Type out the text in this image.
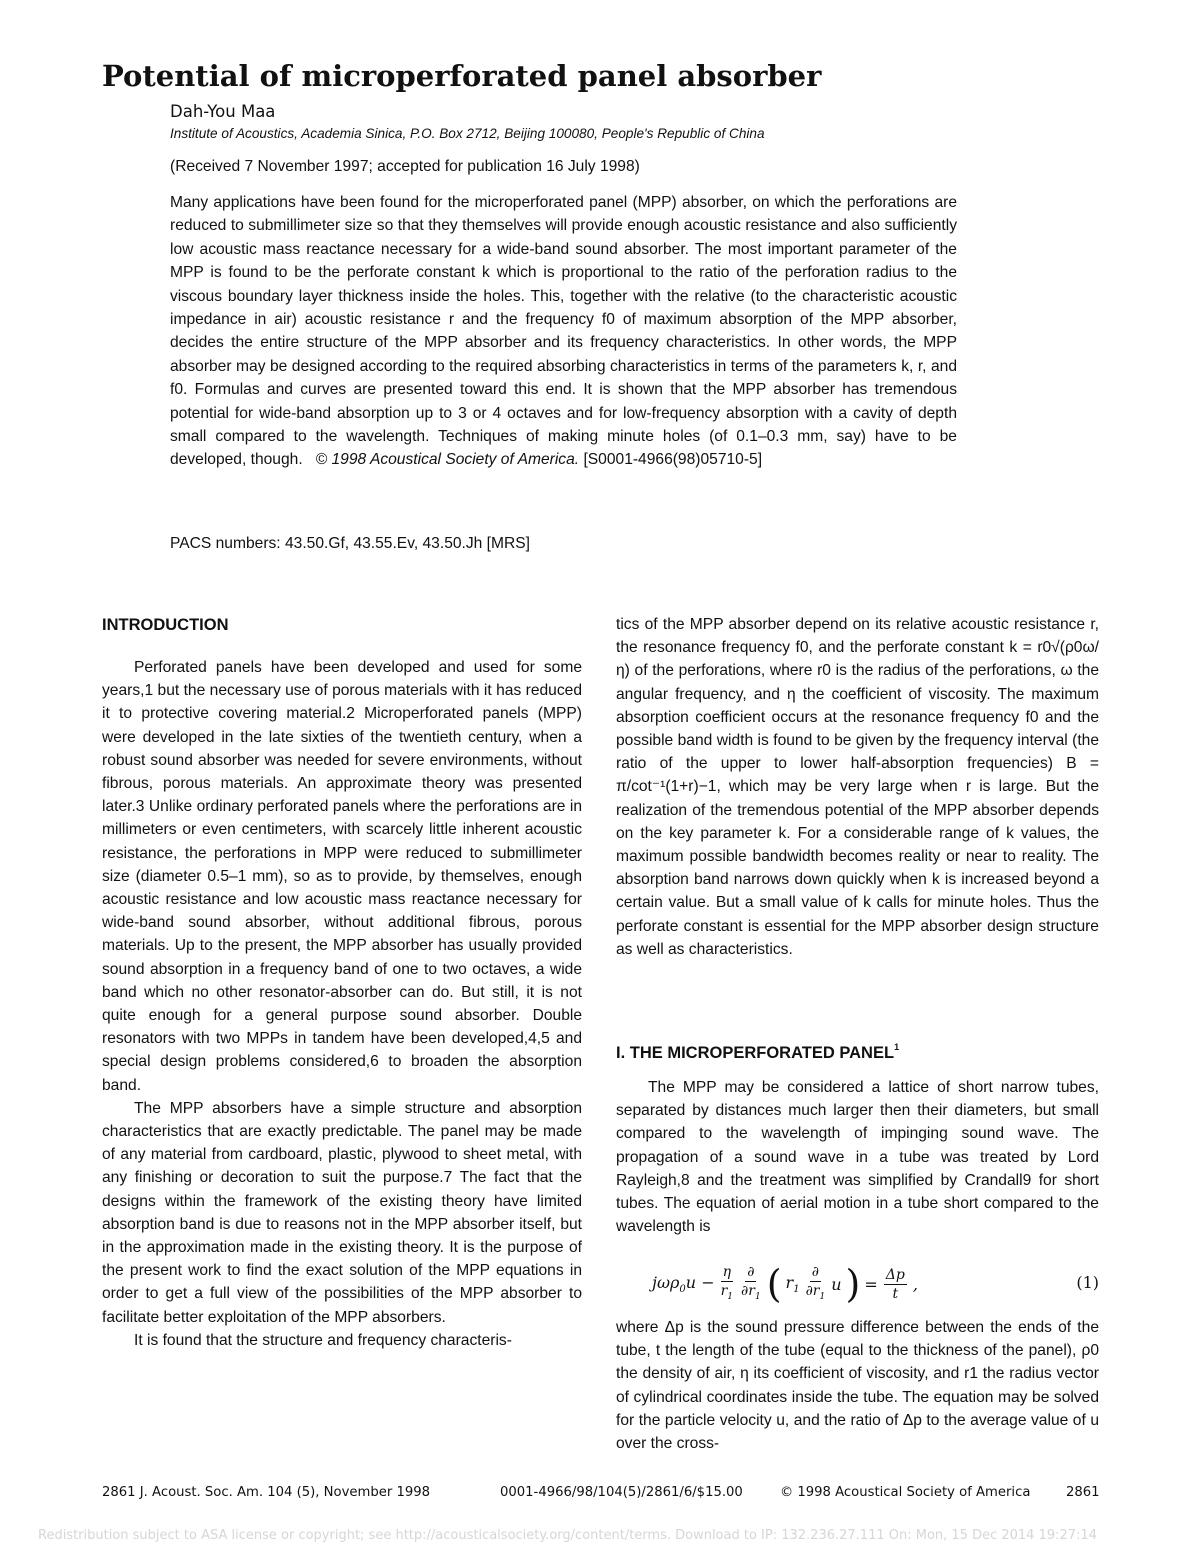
Potential of microperforated panel absorber
Dah-You Maa
Institute of Acoustics, Academia Sinica, P.O. Box 2712, Beijing 100080, People's Republic of China
(Received 7 November 1997; accepted for publication 16 July 1998)

Many applications have been found for the microperforated panel (MPP) absorber, on which the perforations are reduced to submillimeter size so that they themselves will provide enough acoustic resistance and also sufficiently low acoustic mass reactance necessary for a wide-band sound absorber. The most important parameter of the MPP is found to be the perforate constant k which is proportional to the ratio of the perforation radius to the viscous boundary layer thickness inside the holes. This, together with the relative (to the characteristic acoustic impedance in air) acoustic resistance r and the frequency f0 of maximum absorption of the MPP absorber, decides the entire structure of the MPP absorber and its frequency characteristics. In other words, the MPP absorber may be designed according to the required absorbing characteristics in terms of the parameters k, r, and f0. Formulas and curves are presented toward this end. It is shown that the MPP absorber has tremendous potential for wide-band absorption up to 3 or 4 octaves and for low-frequency absorption with a cavity of depth small compared to the wavelength. Techniques of making minute holes (of 0.1–0.3 mm, say) have to be developed, though. © 1998 Acoustical Society of America. [S0001-4966(98)05710-5]

PACS numbers: 43.50.Gf, 43.55.Ev, 43.50.Jh [MRS]
INTRODUCTION

Perforated panels have been developed and used for some years,1 but the necessary use of porous materials with it has reduced it to protective covering material.2 Microperforated panels (MPP) were developed in the late sixties of the twentieth century, when a robust sound absorber was needed for severe environments, without fibrous, porous materials. An approximate theory was presented later.3 Unlike ordinary perforated panels where the perforations are in millimeters or even centimeters, with scarcely little inherent acoustic resistance, the perforations in MPP were reduced to submillimeter size (diameter 0.5–1 mm), so as to provide, by themselves, enough acoustic resistance and low acoustic mass reactance necessary for wide-band sound absorber, without additional fibrous, porous materials. Up to the present, the MPP absorber has usually provided sound absorption in a frequency band of one to two octaves, a wide band which no other resonator-absorber can do. But still, it is not quite enough for a general purpose sound absorber. Double resonators with two MPPs in tandem have been developed,4,5 and special design problems considered,6 to broaden the absorption band.

The MPP absorbers have a simple structure and absorption characteristics that are exactly predictable. The panel may be made of any material from cardboard, plastic, plywood to sheet metal, with any finishing or decoration to suit the purpose.7 The fact that the designs within the framework of the existing theory have limited absorption band is due to reasons not in the MPP absorber itself, but in the approximation made in the existing theory. It is the purpose of the present work to find the exact solution of the MPP equations in order to get a full view of the possibilities of the MPP absorber to facilitate better exploitation of the MPP absorbers.

It is found that the structure and frequency characteris-

tics of the MPP absorber depend on its relative acoustic resistance r, the resonance frequency f0, and the perforate constant k = r0√(ρ0ω/η) of the perforations, where r0 is the radius of the perforations, ω the angular frequency, and η the coefficient of viscosity. The maximum absorption coefficient occurs at the resonance frequency f0 and the possible band width is found to be given by the frequency interval (the ratio of the upper to lower half-absorption frequencies) B = π/cot⁻¹(1+r)−1, which may be very large when r is large. But the realization of the tremendous potential of the MPP absorber depends on the key parameter k. For a considerable range of k values, the maximum possible bandwidth becomes reality or near to reality. The absorption band narrows down quickly when k is increased beyond a certain value. But a small value of k calls for minute holes. Thus the perforate constant is essential for the MPP absorber design structure as well as characteristics.

I. THE MICROPERFORATED PANEL$^1$

The MPP may be considered a lattice of short narrow tubes, separated by distances much larger then their diameters, but small compared to the wavelength of impinging sound wave. The propagation of a sound wave in a tube was treated by Lord Rayleigh,8 and the treatment was simplified by Crandall9 for short tubes. The equation of aerial motion in a tube short compared to the wavelength is

$j\omega\rho_0u - \frac{\eta}{r_1} \frac{\partial}{\partial r_1}$ ( $r_1 \frac{\partial}{\partial r_1}$ u ) = $\frac{\Delta p}{t}$ ,	(1)

where Δp is the sound pressure difference between the ends of the tube, t the length of the tube (equal to the thickness of the panel), ρ0 the density of air, η its coefficient of viscosity, and r1 the radius vector of cylindrical coordinates inside the tube. The equation may be solved for the particle velocity u, and the ratio of Δp to the average value of u over the cross-

2861 J. Acoust. Soc. Am. 104 (5), November 1998	0001-4966/98/104(5)/2861/6/$15.00	© 1998 Acoustical Society of America	2861
Redistribution subject to ASA license or copyright; see http://acousticalsociety.org/content/terms. Download to IP: 132.236.27.111 On: Mon, 15 Dec 2014 19:27:14
